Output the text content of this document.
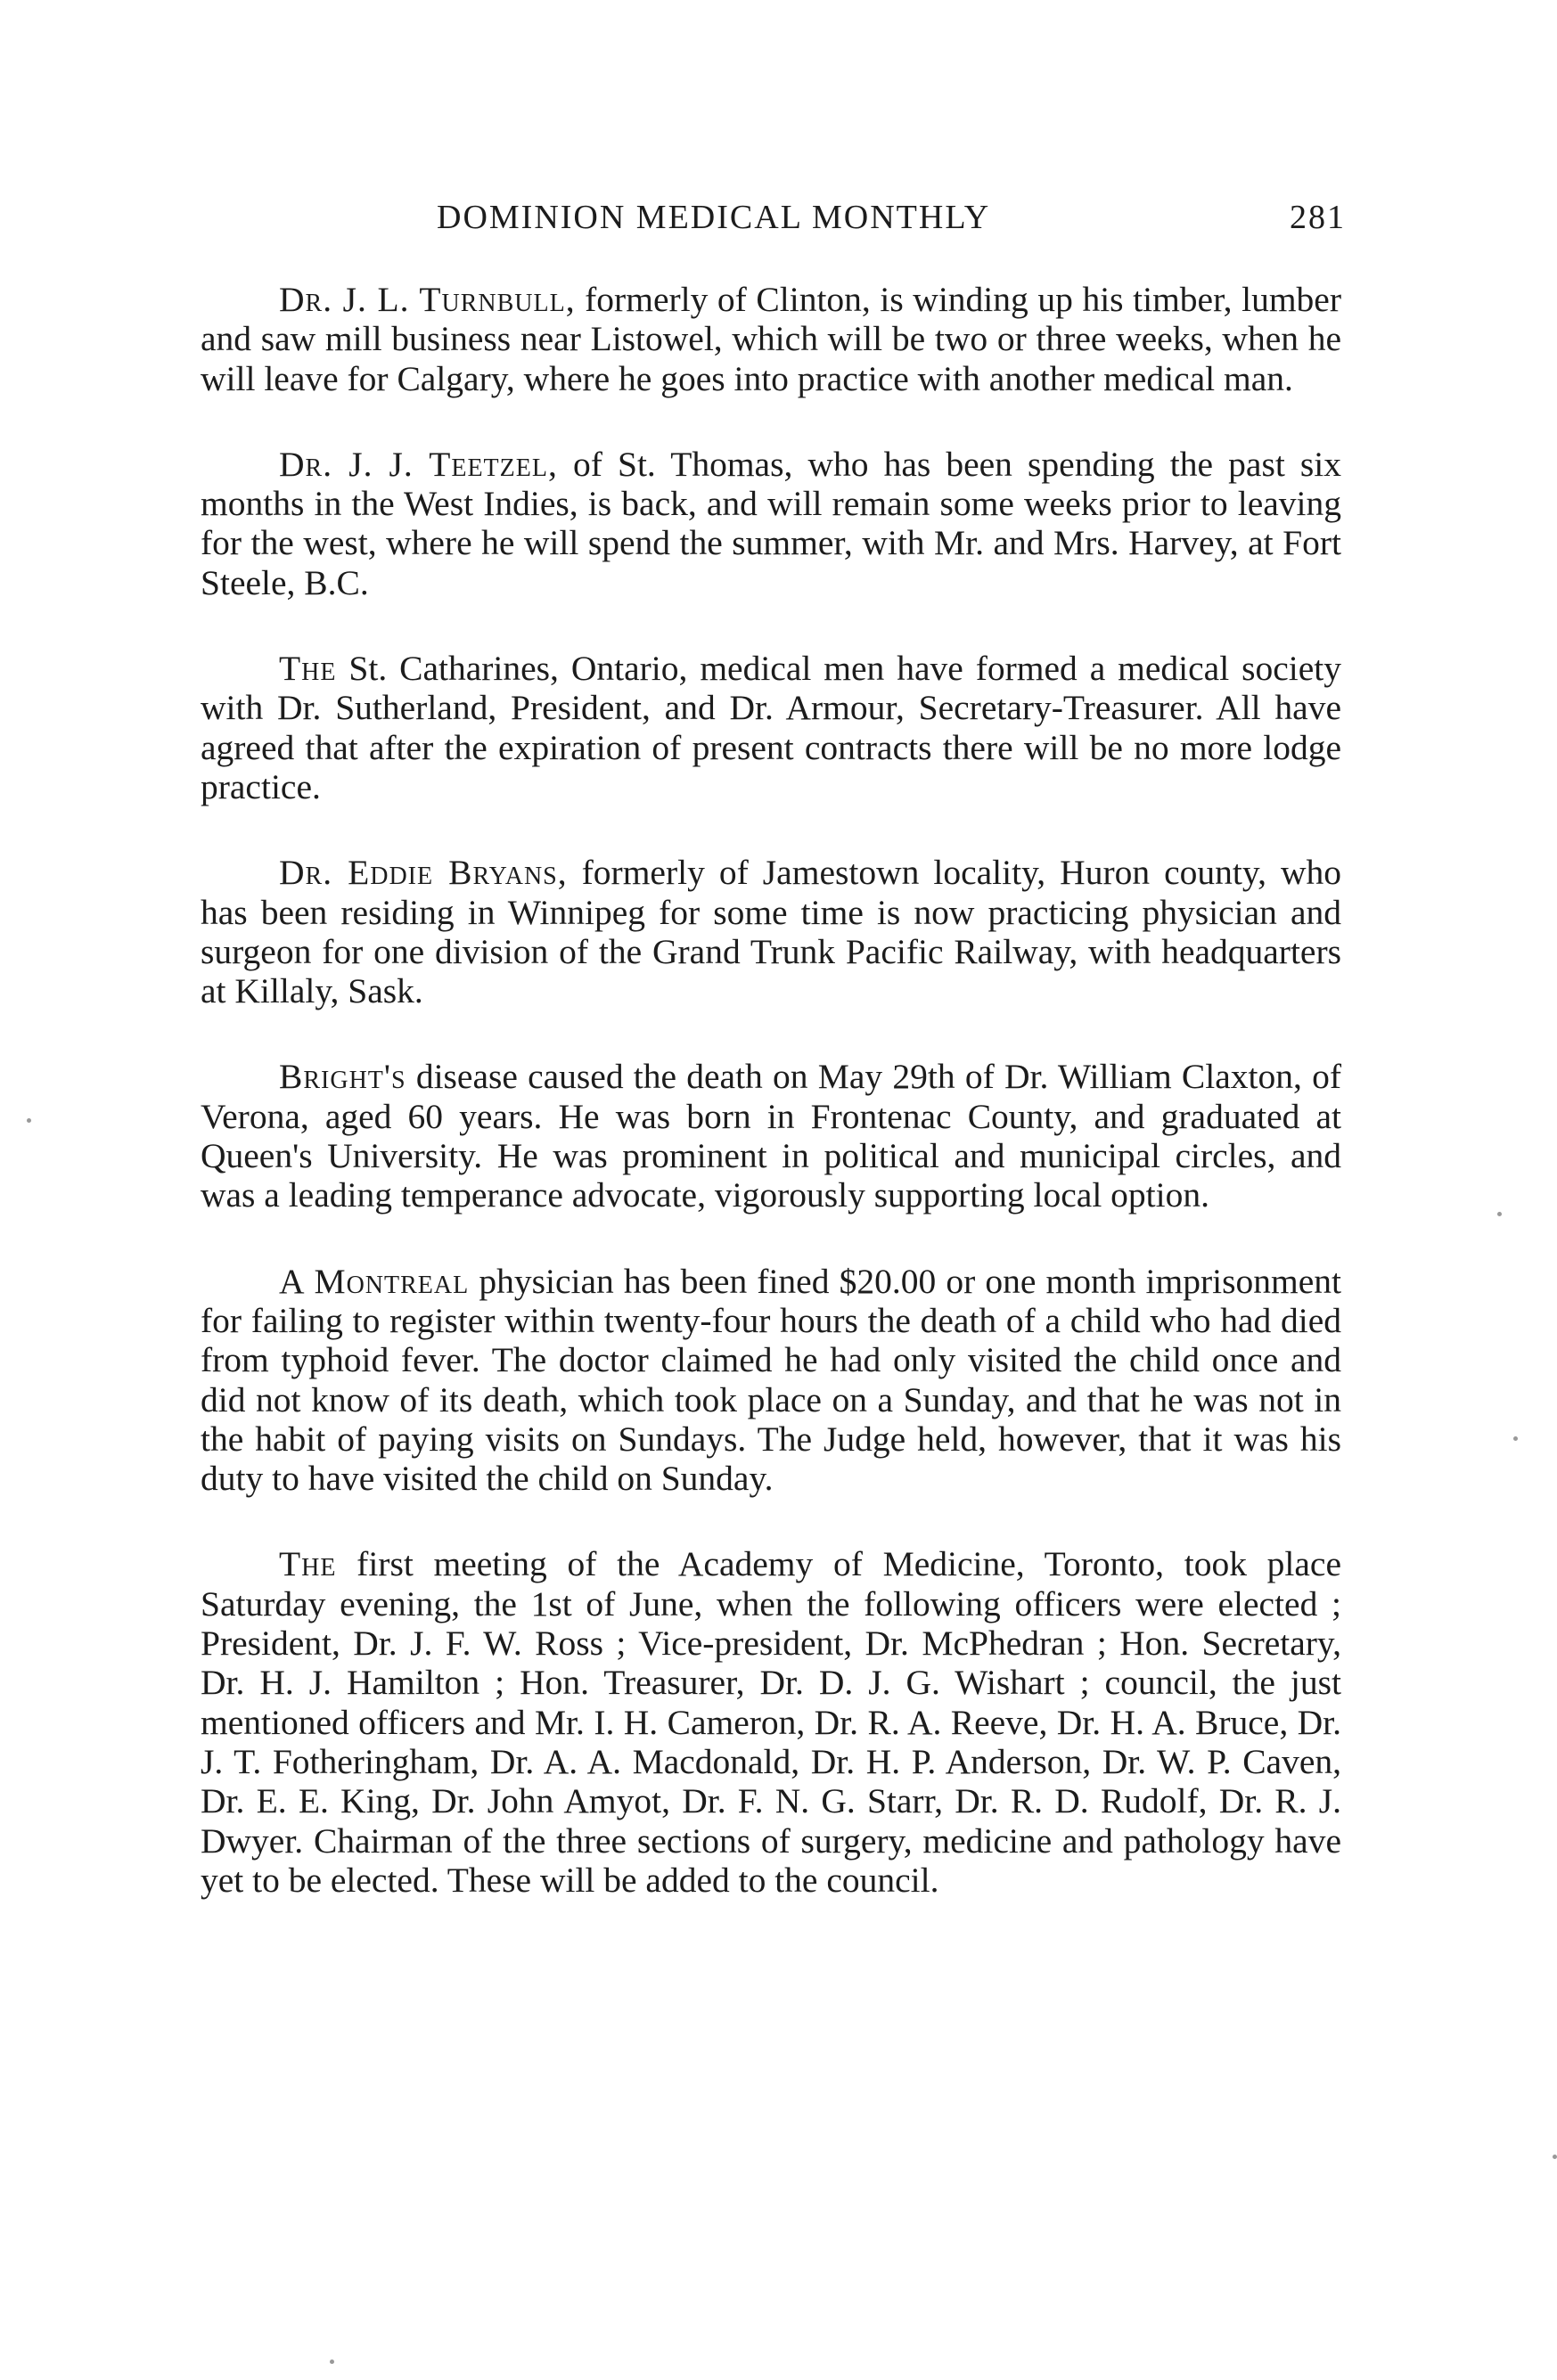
DOMINION MEDICAL MONTHLY	281

Dr. J. L. Turnbull, formerly of Clinton, is winding up his timber, lumber and saw mill business near Listowel, which will be two or three weeks, when he will leave for Calgary, where he goes into practice with another medical man.

Dr. J. J. Teetzel, of St. Thomas, who has been spending the past six months in the West Indies, is back, and will remain some weeks prior to leaving for the west, where he will spend the summer, with Mr. and Mrs. Harvey, at Fort Steele, B.C.

The St. Catharines, Ontario, medical men have formed a medical society with Dr. Sutherland, President, and Dr. Armour, Secretary-Treasurer. All have agreed that after the expiration of present contracts there will be no more lodge practice.

Dr. Eddie Bryans, formerly of Jamestown locality, Huron county, who has been residing in Winnipeg for some time is now practicing physician and surgeon for one division of the Grand Trunk Pacific Railway, with headquarters at Killaly, Sask.

Bright's disease caused the death on May 29th of Dr. William Claxton, of Verona, aged 60 years. He was born in Frontenac County, and graduated at Queen's University. He was prominent in political and municipal circles, and was a leading temperance advocate, vigorously supporting local option.

A Montreal physician has been fined $20.00 or one month imprisonment for failing to register within twenty-four hours the death of a child who had died from typhoid fever. The doctor claimed he had only visited the child once and did not know of its death, which took place on a Sunday, and that he was not in the habit of paying visits on Sundays. The Judge held, however, that it was his duty to have visited the child on Sunday.

The first meeting of the Academy of Medicine, Toronto, took place Saturday evening, the 1st of June, when the following officers were elected ; President, Dr. J. F. W. Ross ; Vice-president, Dr. McPhedran ; Hon. Secretary, Dr. H. J. Hamilton ; Hon. Treasurer, Dr. D. J. G. Wishart ; council, the just mentioned officers and Mr. I. H. Cameron, Dr. R. A. Reeve, Dr. H. A. Bruce, Dr. J. T. Fotheringham, Dr. A. A. Macdonald, Dr. H. P. Anderson, Dr. W. P. Caven, Dr. E. E. King, Dr. John Amyot, Dr. F. N. G. Starr, Dr. R. D. Rudolf, Dr. R. J. Dwyer. Chairman of the three sections of surgery, medicine and pathology have yet to be elected. These will be added to the council.
